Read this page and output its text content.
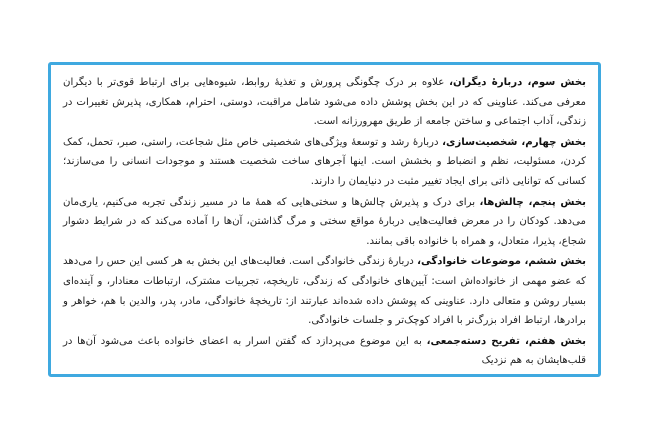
بخش سوم، دربارهٔ دیگران، علاوه بر درک چگونگی پرورش و تغذیهٔ روابط، شیوه‌هایی برای ارتباط قوی‌تر با دیگران معرفی می‌کند. عناوینی که در این بخش پوشش داده می‌شود شامل مراقبت، دوستی، احترام، همکاری، پذیرش تغییرات در زندگی، آداب اجتماعی و ساختن جامعه از طریق مهرورزانه است.

بخش چهارم، شخصیت‌سازی، دربارهٔ رشد و توسعهٔ ویژگی‌های شخصیتی خاص مثل شجاعت، راستی، صبر، تحمل، کمک کردن، مسئولیت، نظم و انضباط و بخشش است. اینها آجرهای ساخت شخصیت هستند و موجودات انسانی را می‌سازند؛ کسانی که توانایی ذاتی برای ایجاد تغییر مثبت در دنیایمان را دارند.

بخش پنجم، چالش‌ها، برای درک و پذیرش چالش‌ها و سختی‌هایی که همهٔ ما در مسیر زندگی تجربه می‌کنیم، یاری‌مان می‌دهد. کودکان را در معرض فعالیت‌هایی دربارهٔ مواقع سختی و مرگ گذاشتن، آن‌ها را آماده می‌کند که در شرایط دشوار شجاع، پذیرا، متعادل، و همراه با خانواده باقی بمانند.

بخش ششم، موضوعات خانوادگی، دربارهٔ زندگی خانوادگی است. فعالیت‌های این بخش به هر کسی این حس را می‌دهد که عضو مهمی از خانواده‌اش است: آیین‌های خانوادگی که زندگی، تاریخچه، تجربیات مشترک، ارتباطات معنادار، و آینده‌ای بسیار روشن و متعالی دارد. عناوینی که پوشش داده شده‌اند عبارتند از: تاریخچهٔ خانوادگی، مادر، پدر، والدین با هم، خواهر و برادرها، ارتباط افراد بزرگ‌تر با افراد کوچک‌تر و جلسات خانوادگی.

بخش هفتم، تفریح دسته‌جمعی، به این موضوع می‌پردازد که گفتن اسرار به اعضای خانواده باعث می‌شود آن‌ها در قلب‌هایشان به هم نزدیک
